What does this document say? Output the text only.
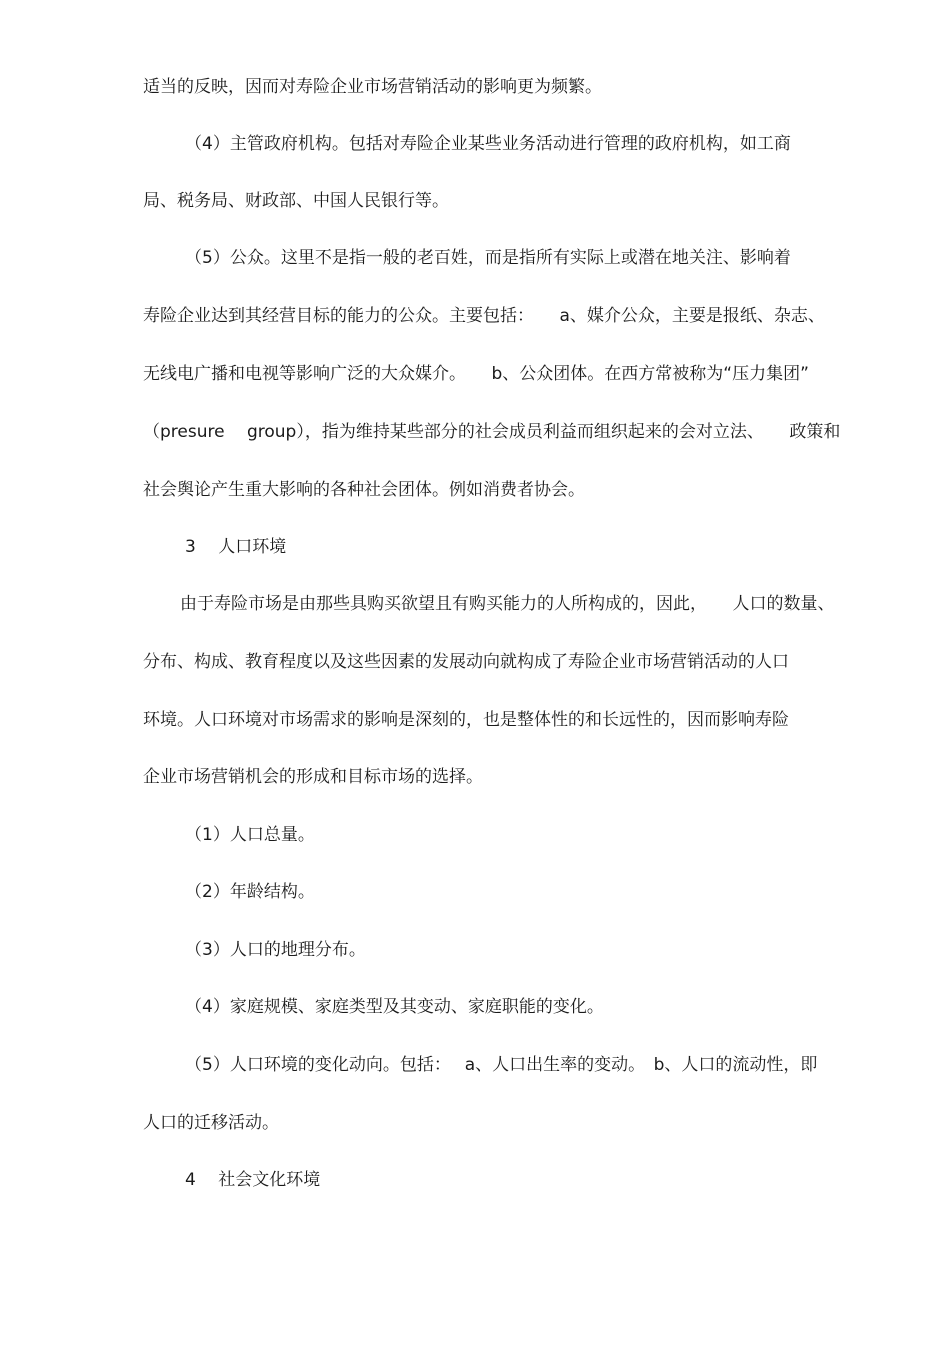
适当的反映，因而对寿险企业市场营销活动的影响更为频繁。

（4）主管政府机构。包括对寿险企业某些业务活动进行管理的政府机构，如工商

局、税务局、财政部、中国人民银行等。

（5）公众。这里不是指一般的老百姓，而是指所有实际上或潜在地关注、影响着

寿险企业达到其经营目标的能力的公众。主要包括：　　a、媒介公众，主要是报纸、杂志、

无线电广播和电视等影响广泛的大众媒介。　　b、公众团体。在西方常被称为“压力集团”

（presure　 group），指为维持某些部分的社会成员利益而组织起来的会对立法、　　政策和

社会舆论产生重大影响的各种社会团体。例如消费者协会。

3　 人口环境

由于寿险市场是由那些具购买欲望且有购买能力的人所构成的，因此，　　人口的数量、

分布、构成、教育程度以及这些因素的发展动向就构成了寿险企业市场营销活动的人口

环境。人口环境对市场需求的影响是深刻的，也是整体性的和长远性的，因而影响寿险

企业市场营销机会的形成和目标市场的选择。

（1）人口总量。

（2）年龄结构。

（3）人口的地理分布。

（4）家庭规模、家庭类型及其变动、家庭职能的变化。

（5）人口环境的变化动向。包括：　 a、人口出生率的变动。　b、人口的流动性，即

人口的迁移活动。

4　 社会文化环境
